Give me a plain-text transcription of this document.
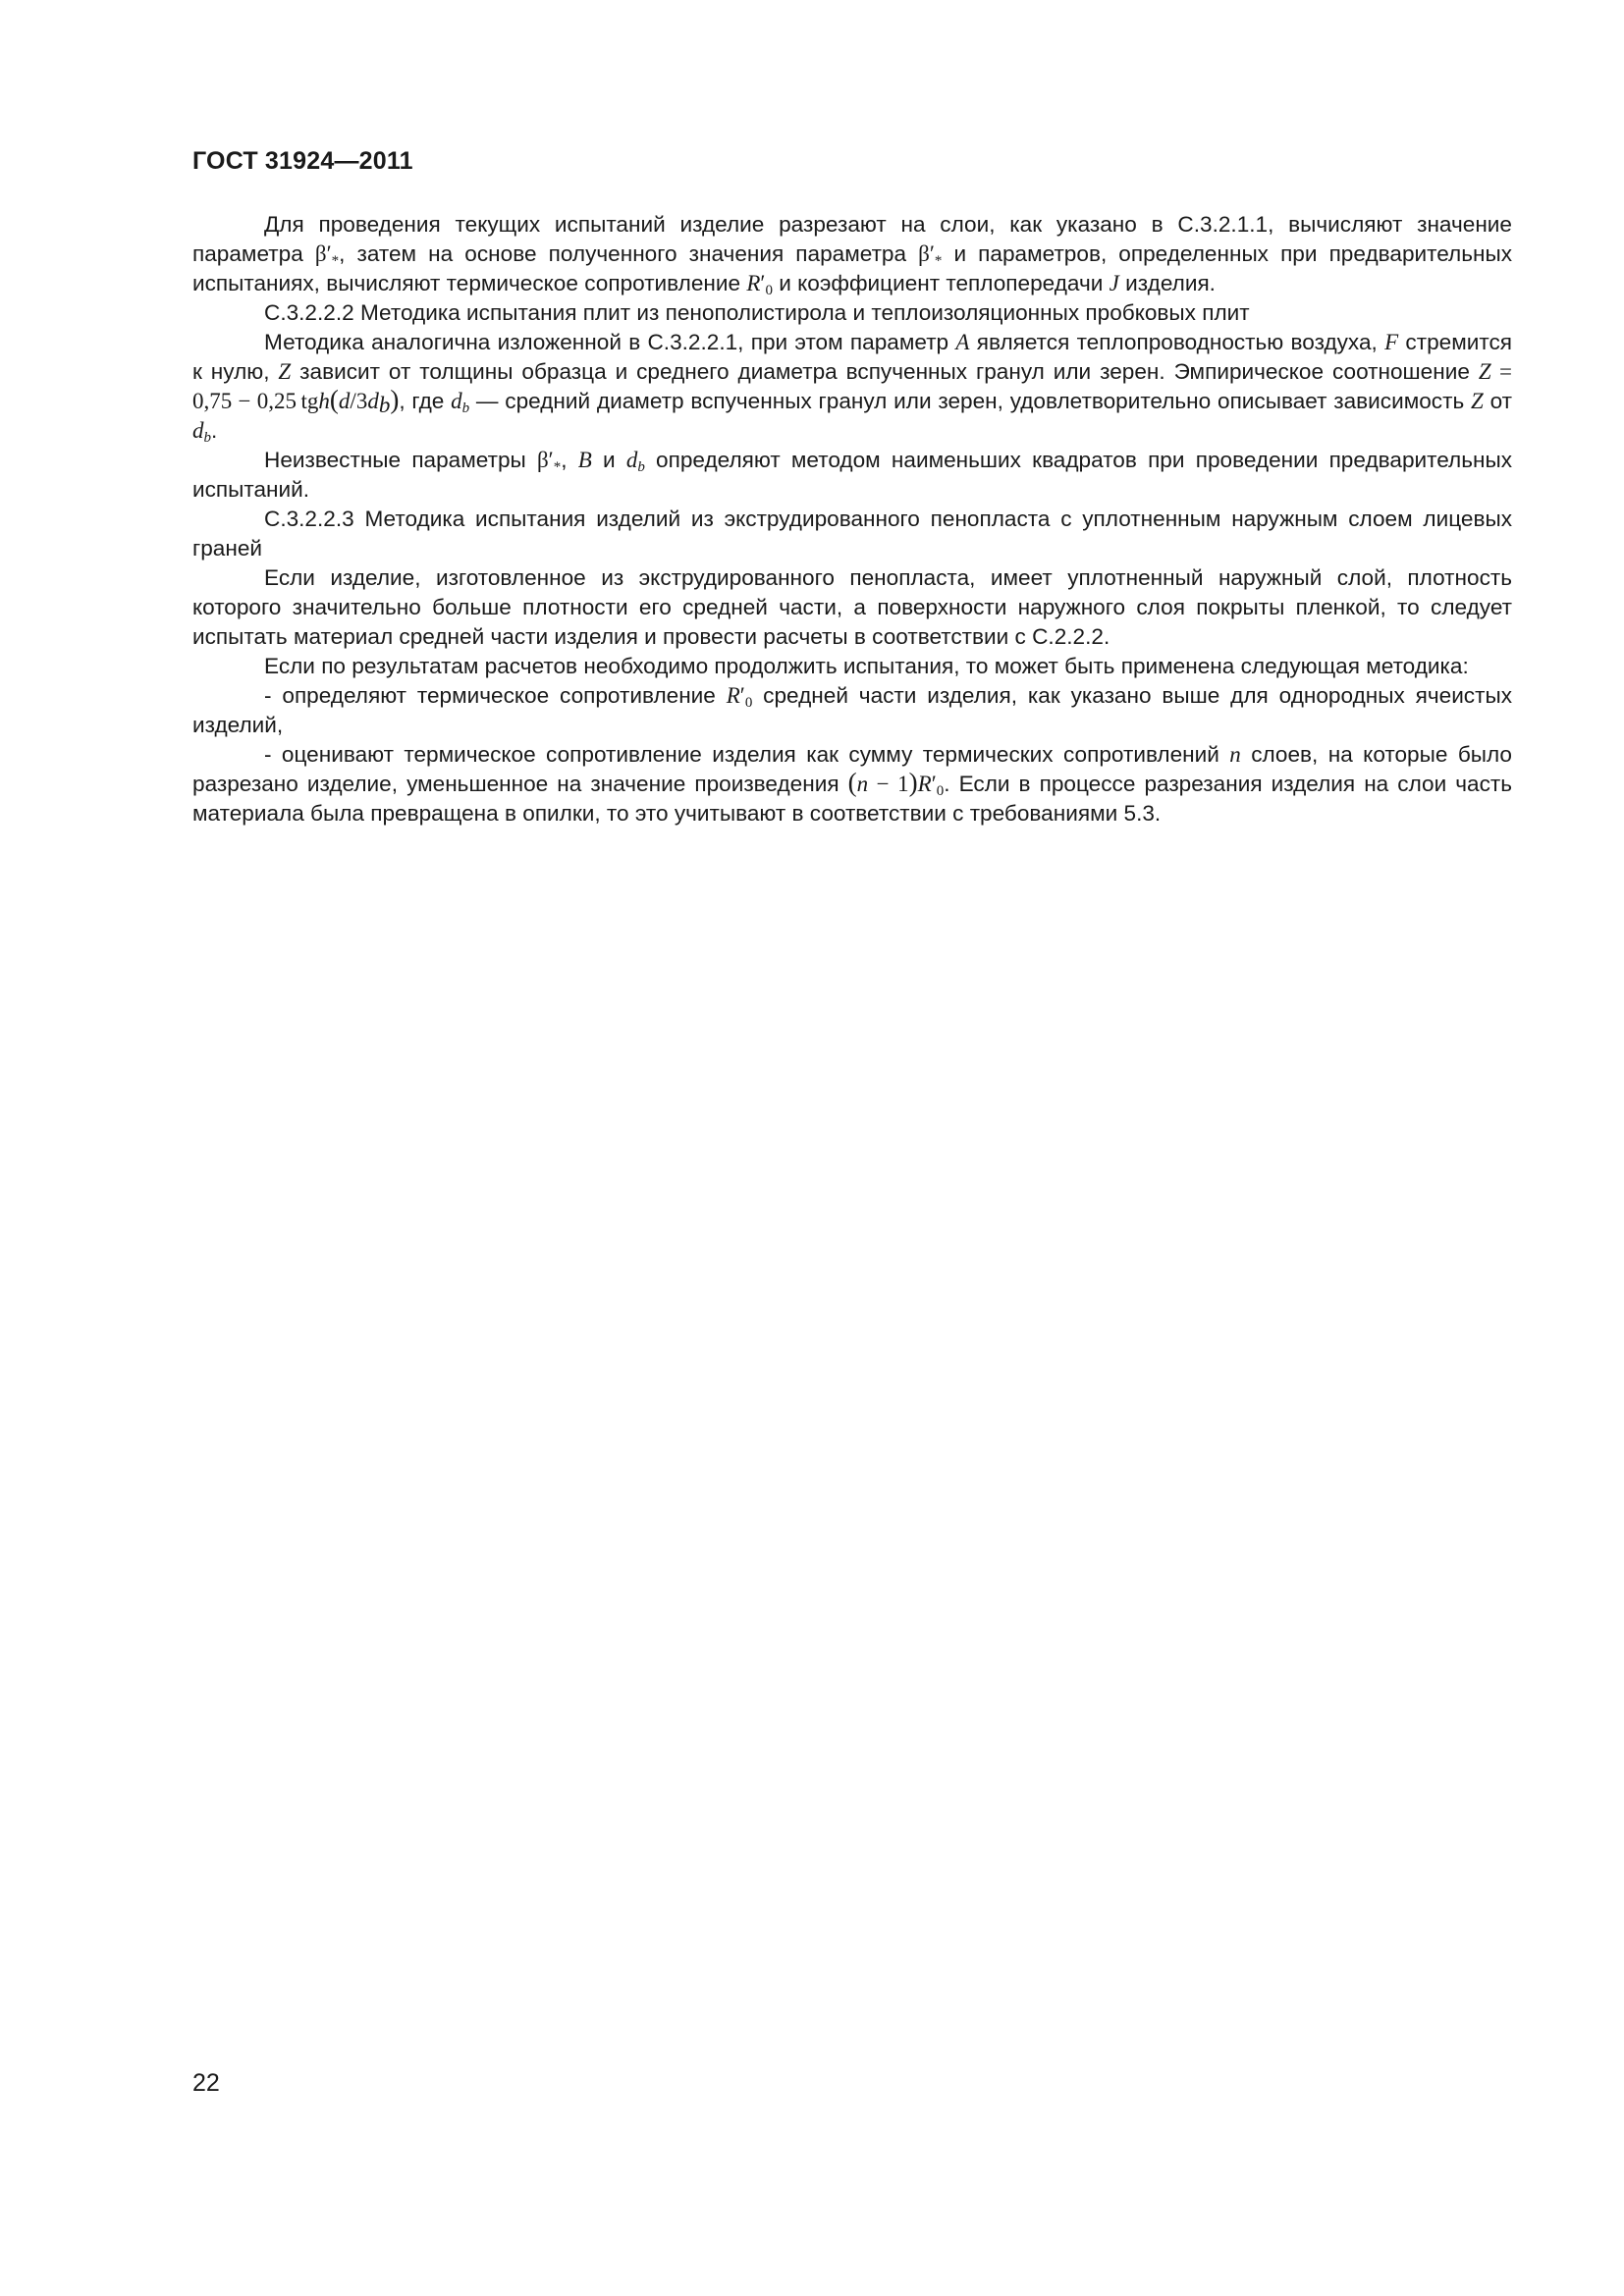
ГОСТ 31924—2011

Для проведения текущих испытаний изделие разрезают на слои, как указано в С.3.2.1.1, вычисляют значение параметра $\beta'_*$, затем на основе полученного значения параметра $\beta'_*$ и параметров, определенных при предварительных испытаниях, вычисляют термическое сопротивление $R'_0$ и коэффициент теплопередачи J изделия.

С.3.2.2.2 Методика испытания плит из пенополистирола и теплоизоляционных пробковых плит

Методика аналогична изложенной в С.3.2.2.1, при этом параметр A является теплопроводностью воздуха, F стремится к нулю, Z зависит от толщины образца и среднего диаметра вспученных гранул или зерен. Эмпирическое соотношение Z = 0,75 − 0,25  $tgh(d/3d_b)$, где $d_b$ — средний диаметр вспученных гранул или зерен, удовлетворительно описывает зависимость Z от $d_b$.

Неизвестные параметры $\beta'_*$, B и $d_b$ определяют методом наименьших квадратов при проведении предварительных испытаний.

С.3.2.2.3 Методика испытания изделий из экструдированного пенопласта с уплотненным наружным слоем лицевых граней

Если изделие, изготовленное из экструдированного пенопласта, имеет уплотненный наружный слой, плотность которого значительно больше плотности его средней части, а поверхности наружного слоя покрыты пленкой, то следует испытать материал средней части изделия и провести расчеты в соответствии с С.2.2.2.

Если по результатам расчетов необходимо продолжить испытания, то может быть применена следующая методика:

- определяют термическое сопротивление $R'_0$ средней части изделия, как указано выше для однородных ячеистых изделий,

- оценивают термическое сопротивление изделия как сумму термических сопротивлений n слоев, на которые было разрезано изделие, уменьшенное на значение произведения $(n - 1)R'_0$. Если в процессе разрезания изделия на слои часть материала была превращена в опилки, то это учитывают в соответствии с требованиями 5.3.

22
